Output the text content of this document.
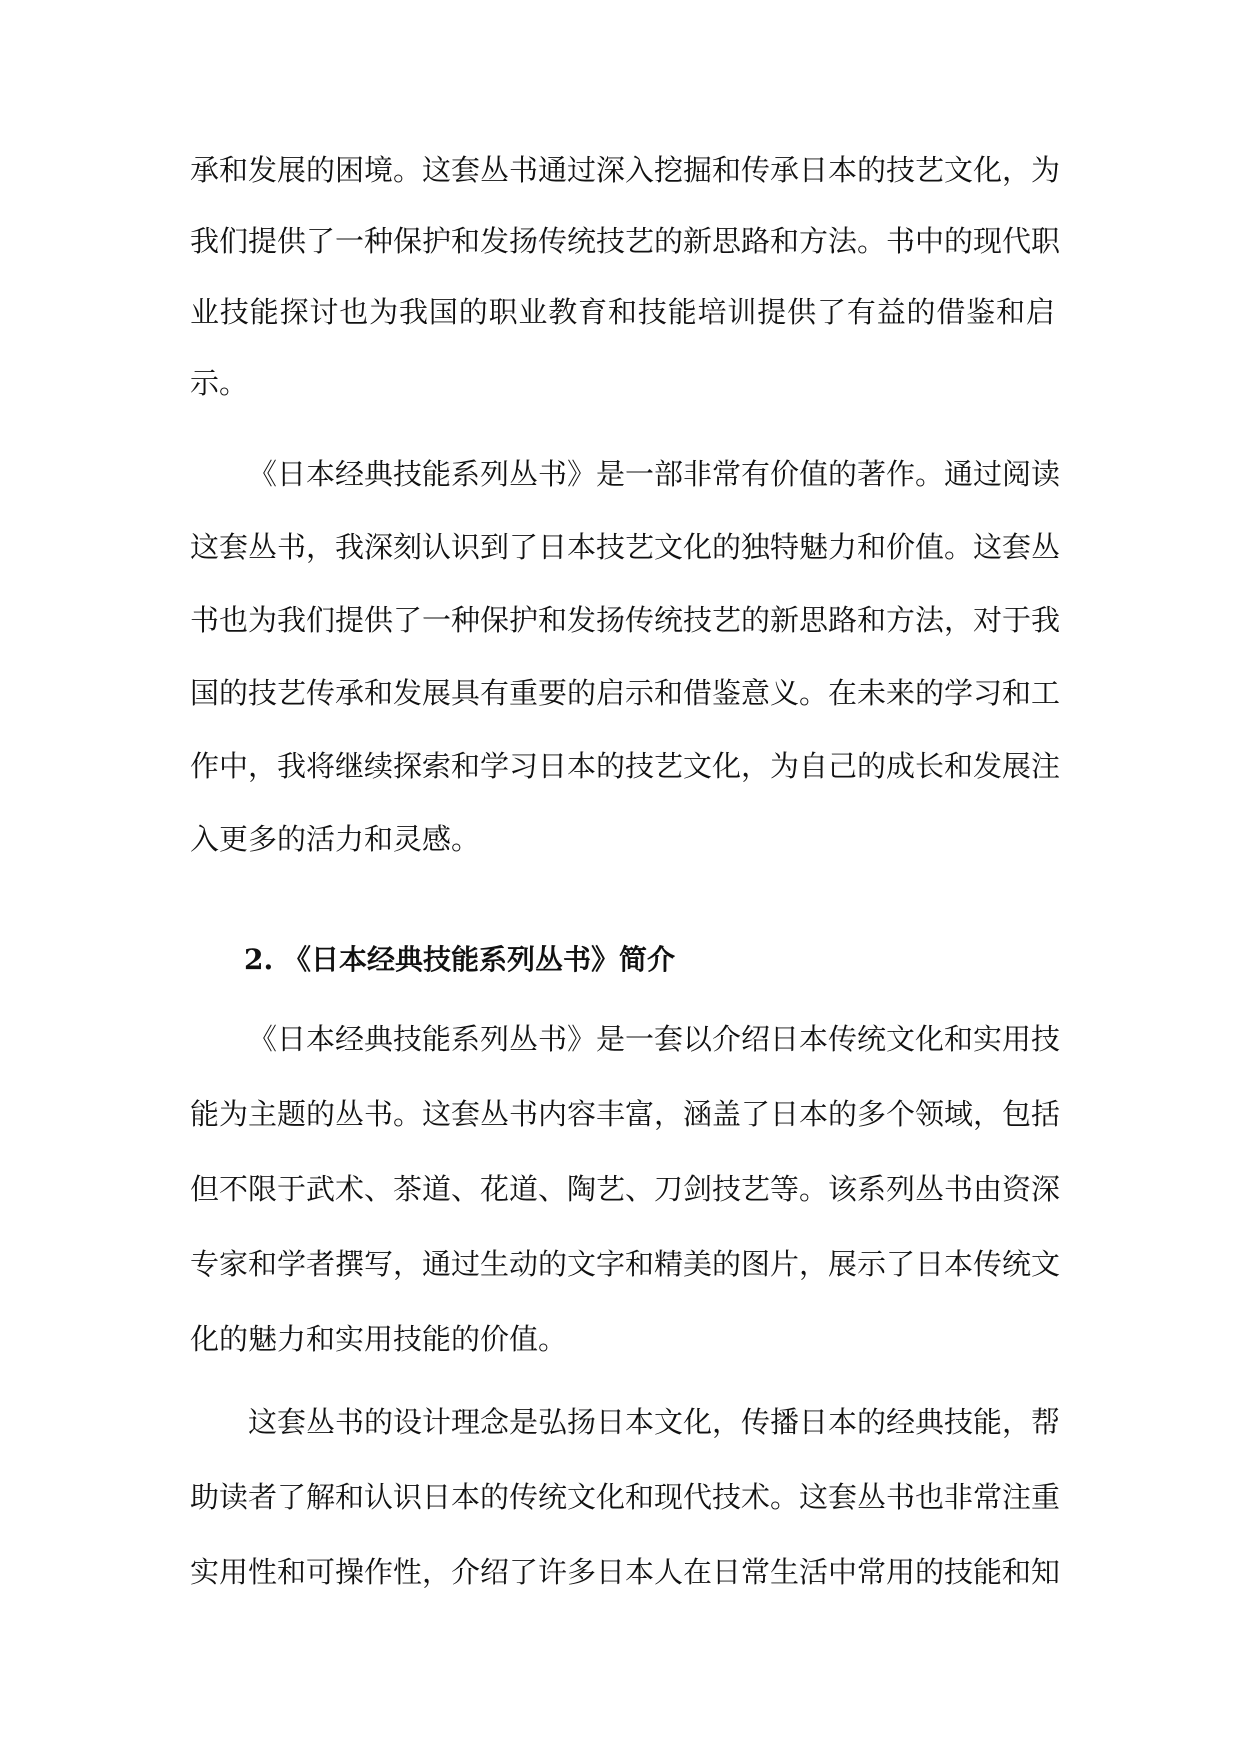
承和发展的困境。这套丛书通过深入挖掘和传承日本的技艺文化，为
我们提供了一种保护和发扬传统技艺的新思路和方法。书中的现代职
业技能探讨也为我国的职业教育和技能培训提供了有益的借鉴和启
示。
《日本经典技能系列丛书》是一部非常有价值的著作。通过阅读
这套丛书，我深刻认识到了日本技艺文化的独特魅力和价值。这套丛
书也为我们提供了一种保护和发扬传统技艺的新思路和方法，对于我
国的技艺传承和发展具有重要的启示和借鉴意义。在未来的学习和工
作中，我将继续探索和学习日本的技艺文化，为自己的成长和发展注
入更多的活力和灵感。
2. 《日本经典技能系列丛书》简介
《日本经典技能系列丛书》是一套以介绍日本传统文化和实用技
能为主题的丛书。这套丛书内容丰富，涵盖了日本的多个领域，包括
但不限于武术、茶道、花道、陶艺、刀剑技艺等。该系列丛书由资深
专家和学者撰写，通过生动的文字和精美的图片，展示了日本传统文
化的魅力和实用技能的价值。
这套丛书的设计理念是弘扬日本文化，传播日本的经典技能，帮
助读者了解和认识日本的传统文化和现代技术。这套丛书也非常注重
实用性和可操作性，介绍了许多日本人在日常生活中常用的技能和知
